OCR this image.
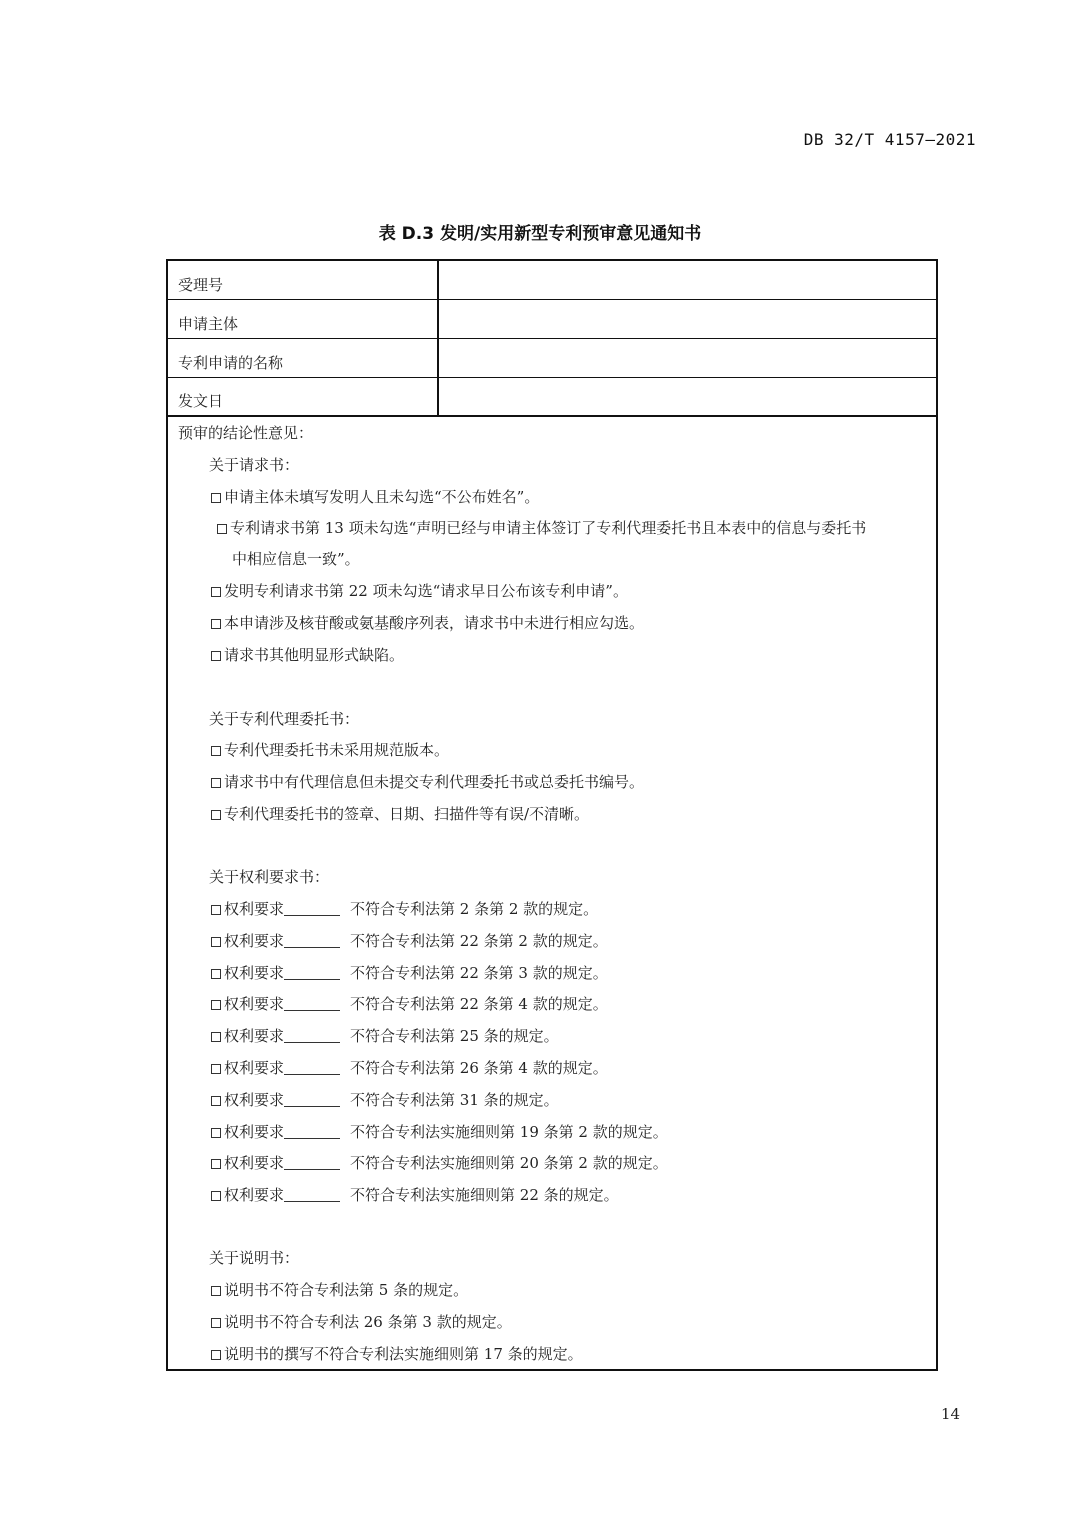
DB 32/T 4157—2021
表 D.3 发明/实用新型专利预审意见通知书
受理号
申请主体
专利申请的名称
发文日
预审的结论性意见：
关于请求书：
申请主体未填写发明人且未勾选“不公布姓名”。
专利请求书第 13 项未勾选“声明已经与申请主体签订了专利代理委托书且本表中的信息与委托书
中相应信息一致”。
发明专利请求书第 22 项未勾选“请求早日公布该专利申请”。
本申请涉及核苷酸或氨基酸序列表，请求书中未进行相应勾选。
请求书其他明显形式缺陷。
关于专利代理委托书：
专利代理委托书未采用规范版本。
请求书中有代理信息但未提交专利代理委托书或总委托书编号。
专利代理委托书的签章、日期、扫描件等有误/不清晰。
关于权利要求书：
权利要求	不符合专利法第 2 条第 2 款的规定。
权利要求	不符合专利法第 22 条第 2 款的规定。
权利要求	不符合专利法第 22 条第 3 款的规定。
权利要求	不符合专利法第 22 条第 4 款的规定。
权利要求	不符合专利法第 25 条的规定。
权利要求	不符合专利法第 26 条第 4 款的规定。
权利要求	不符合专利法第 31 条的规定。
权利要求	不符合专利法实施细则第 19 条第 2 款的规定。
权利要求	不符合专利法实施细则第 20 条第 2 款的规定。
权利要求	不符合专利法实施细则第 22 条的规定。
关于说明书：
说明书不符合专利法第 5 条的规定。
说明书不符合专利法 26 条第 3 款的规定。
说明书的撰写不符合专利法实施细则第 17 条的规定。
14
